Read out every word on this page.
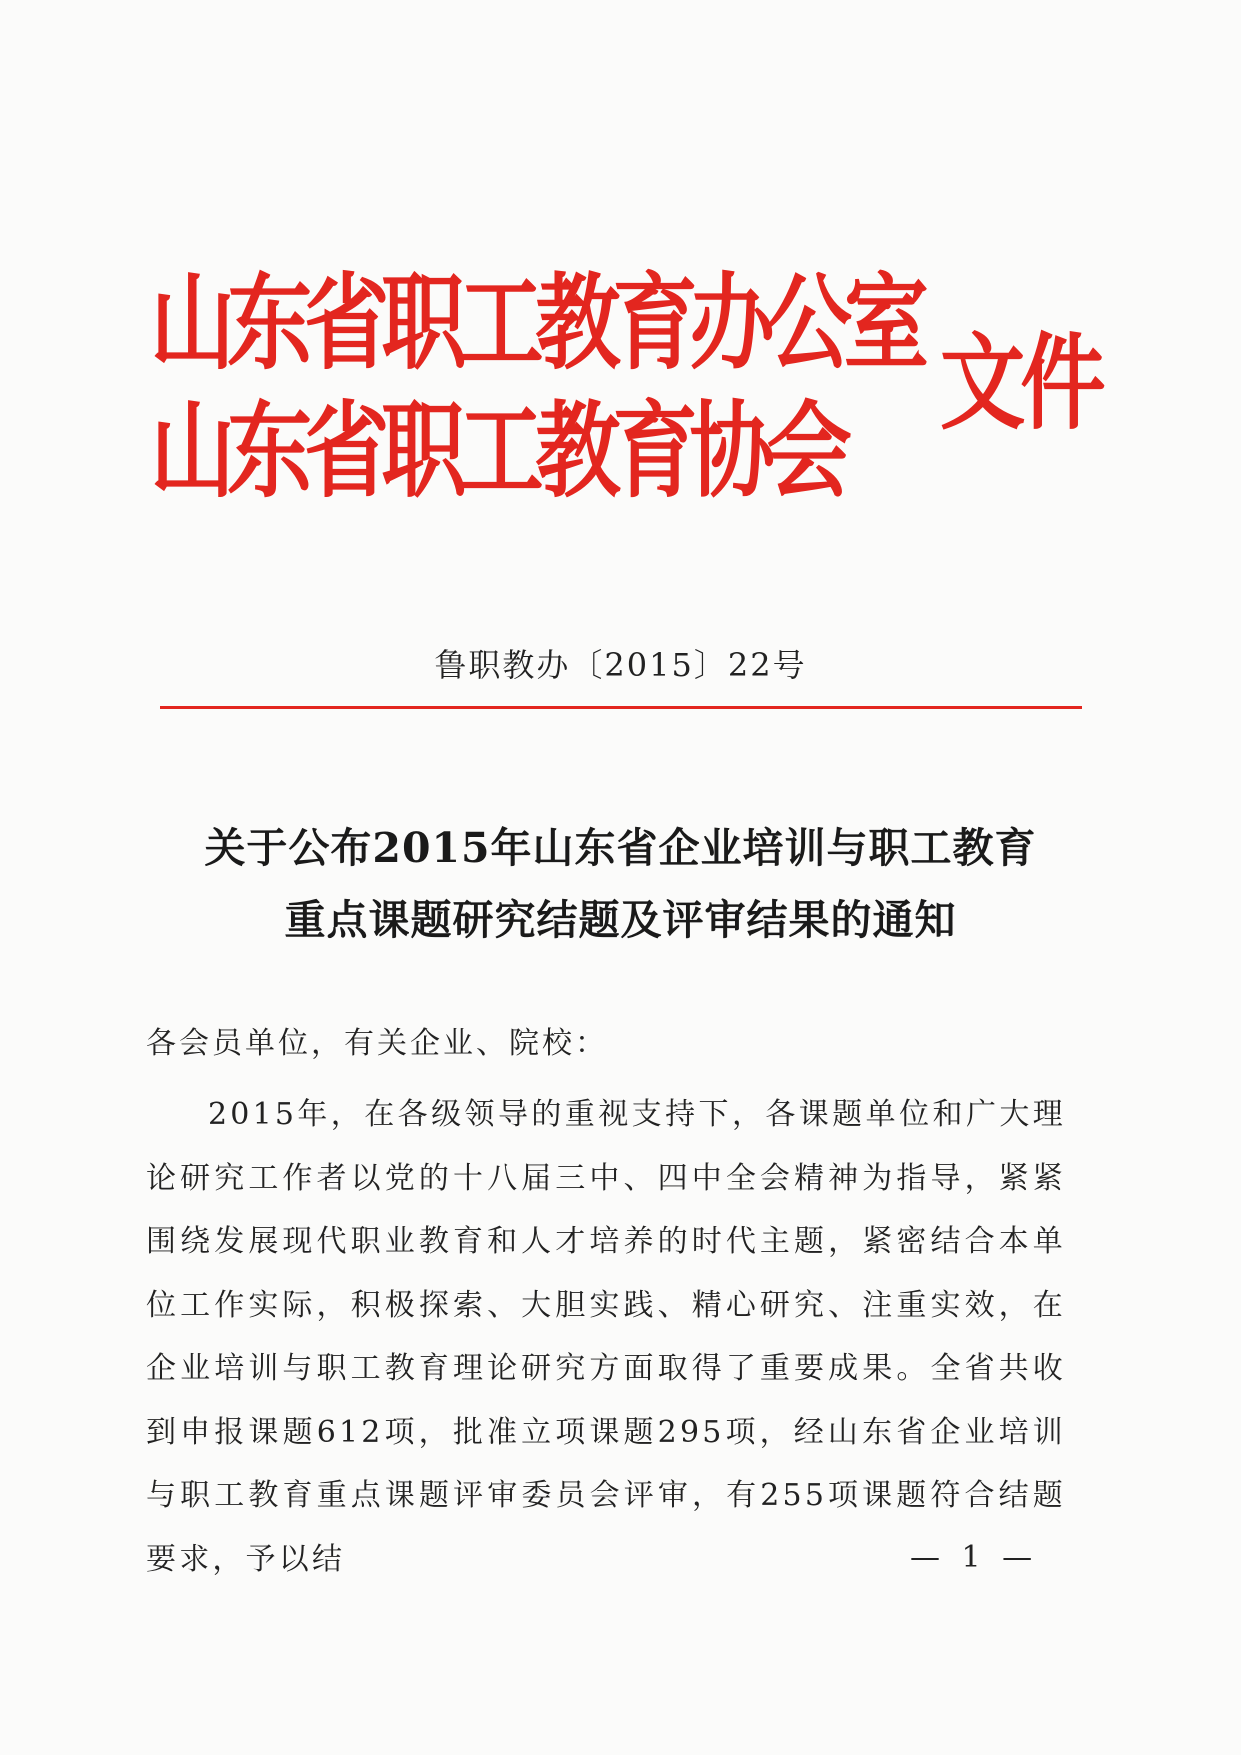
山东省职工教育办公室
山东省职工教育协会
文件
鲁职教办〔2015〕22号
关于公布2015年山东省企业培训与职工教育
重点课题研究结题及评审结果的通知
各会员单位，有关企业、院校：
2015年，在各级领导的重视支持下，各课题单位和广大理论研究工作者以党的十八届三中、四中全会精神为指导，紧紧围绕发展现代职业教育和人才培养的时代主题，紧密结合本单位工作实际，积极探索、大胆实践、精心研究、注重实效，在企业培训与职工教育理论研究方面取得了重要成果。全省共收到申报课题612项，批准立项课题295项，经山东省企业培训与职工教育重点课题评审委员会评审，有255项课题符合结题要求，予以结	— 1 —
